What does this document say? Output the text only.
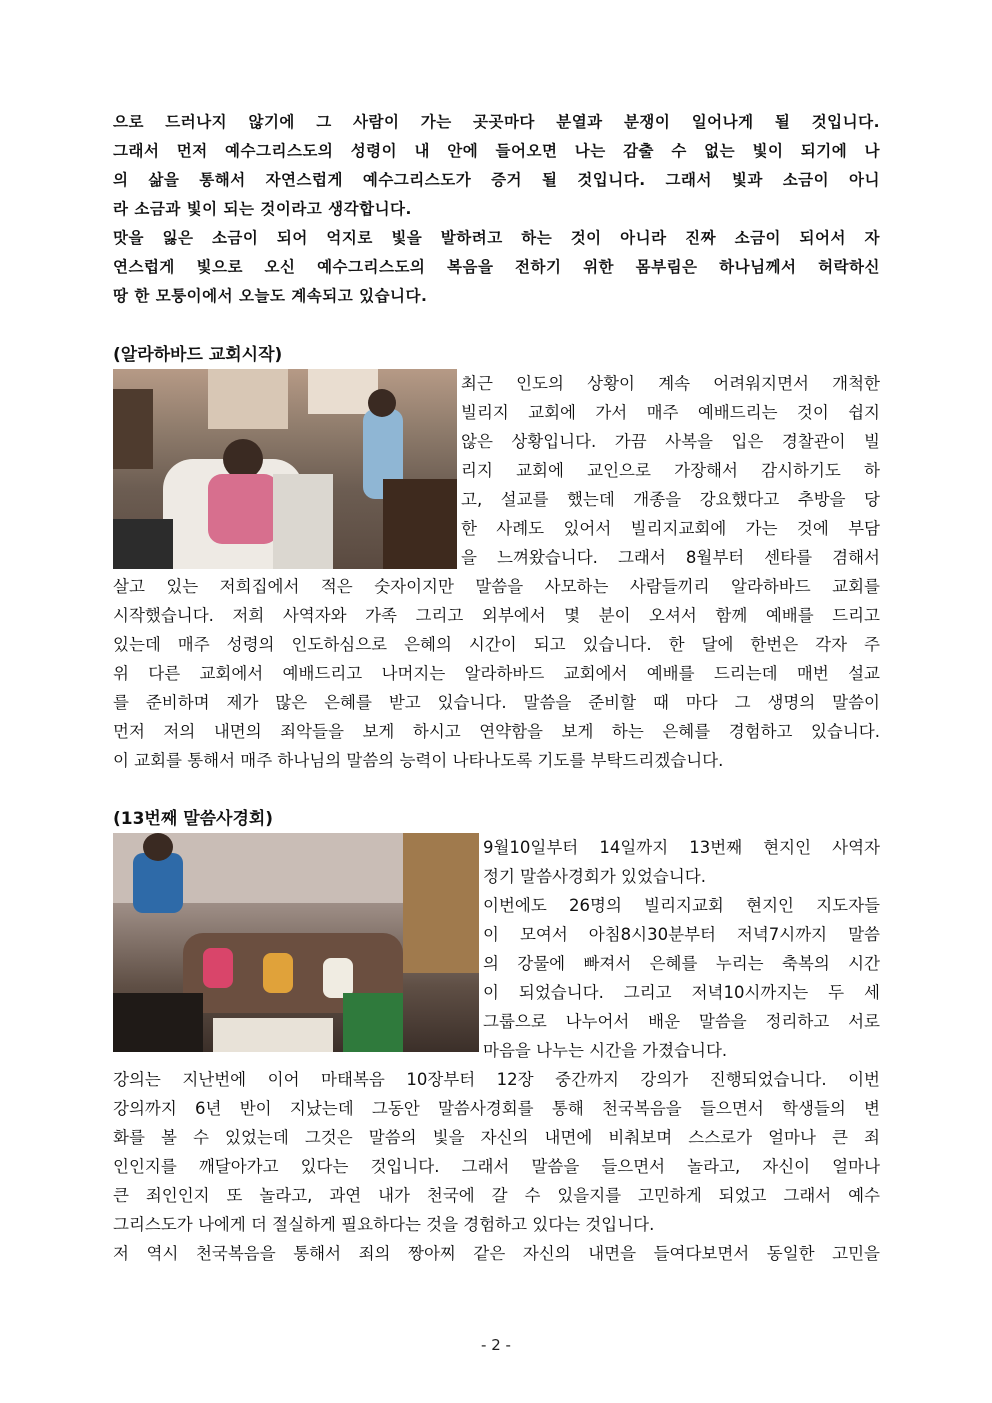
으로 드러나지 않기에 그 사람이 가는 곳곳마다 분열과 분쟁이 일어나게 될 것입니다.
그래서 먼저 예수그리스도의 성령이 내 안에 들어오면 나는 감출 수 없는 빛이 되기에 나
의 삶을 통해서 자연스럽게 예수그리스도가 증거 될 것입니다. 그래서 빛과 소금이 아니
라 소금과 빛이 되는 것이라고 생각합니다.
맛을 잃은 소금이 되어 억지로 빛을 발하려고 하는 것이 아니라 진짜 소금이 되어서 자
연스럽게 빛으로 오신 예수그리스도의 복음을 전하기 위한 몸부림은 하나님께서 허락하신
땅 한 모퉁이에서 오늘도 계속되고 있습니다.
(알라하바드 교회시작)
최근 인도의 상황이 계속 어려워지면서 개척한
빌리지 교회에 가서 매주 예배드리는 것이 쉽지
않은 상황입니다. 가끔 사복을 입은 경찰관이 빌
리지 교회에 교인으로 가장해서 감시하기도 하
고, 설교를 했는데 개종을 강요했다고 추방을 당
한 사례도 있어서 빌리지교회에 가는 것에 부담
을 느껴왔습니다. 그래서 8월부터 센타를 겸해서
살고 있는 저희집에서 적은 숫자이지만 말씀을 사모하는 사람들끼리 알라하바드 교회를
시작했습니다. 저희 사역자와 가족 그리고 외부에서 몇 분이 오셔서 함께 예배를 드리고
있는데 매주 성령의 인도하심으로 은혜의 시간이 되고 있습니다. 한 달에 한번은 각자 주
위 다른 교회에서 예배드리고 나머지는 알라하바드 교회에서 예배를 드리는데 매번 설교
를 준비하며 제가 많은 은혜를 받고 있습니다. 말씀을 준비할 때 마다 그 생명의 말씀이
먼저 저의 내면의 죄악들을 보게 하시고 연약함을 보게 하는 은혜를 경험하고 있습니다.
이 교회를 통해서 매주 하나님의 말씀의 능력이 나타나도록 기도를 부탁드리겠습니다.
(13번째 말씀사경회)
9월10일부터 14일까지 13번째 현지인 사역자
정기 말씀사경회가 있었습니다.
이번에도 26명의 빌리지교회 현지인 지도자들
이 모여서 아침8시30분부터 저녁7시까지 말씀
의 강물에 빠져서 은혜를 누리는 축복의 시간
이 되었습니다. 그리고 저녁10시까지는 두 세
그룹으로 나누어서 배운 말씀을 정리하고 서로
마음을 나누는 시간을 가졌습니다.
강의는 지난번에 이어 마태복음 10장부터 12장 중간까지 강의가 진행되었습니다. 이번
강의까지 6년 반이 지났는데 그동안 말씀사경회를 통해 천국복음을 들으면서 학생들의 변
화를 볼 수 있었는데 그것은 말씀의 빛을 자신의 내면에 비춰보며 스스로가 얼마나 큰 죄
인인지를 깨달아가고 있다는 것입니다. 그래서 말씀을 들으면서 놀라고, 자신이 얼마나
큰 죄인인지 또 놀라고, 과연 내가 천국에 갈 수 있을지를 고민하게 되었고 그래서 예수
그리스도가 나에게 더 절실하게 필요하다는 것을 경험하고 있다는 것입니다.
저 역시 천국복음을 통해서 죄의 짱아찌 같은 자신의 내면을 들여다보면서 동일한 고민을
- 2 -
